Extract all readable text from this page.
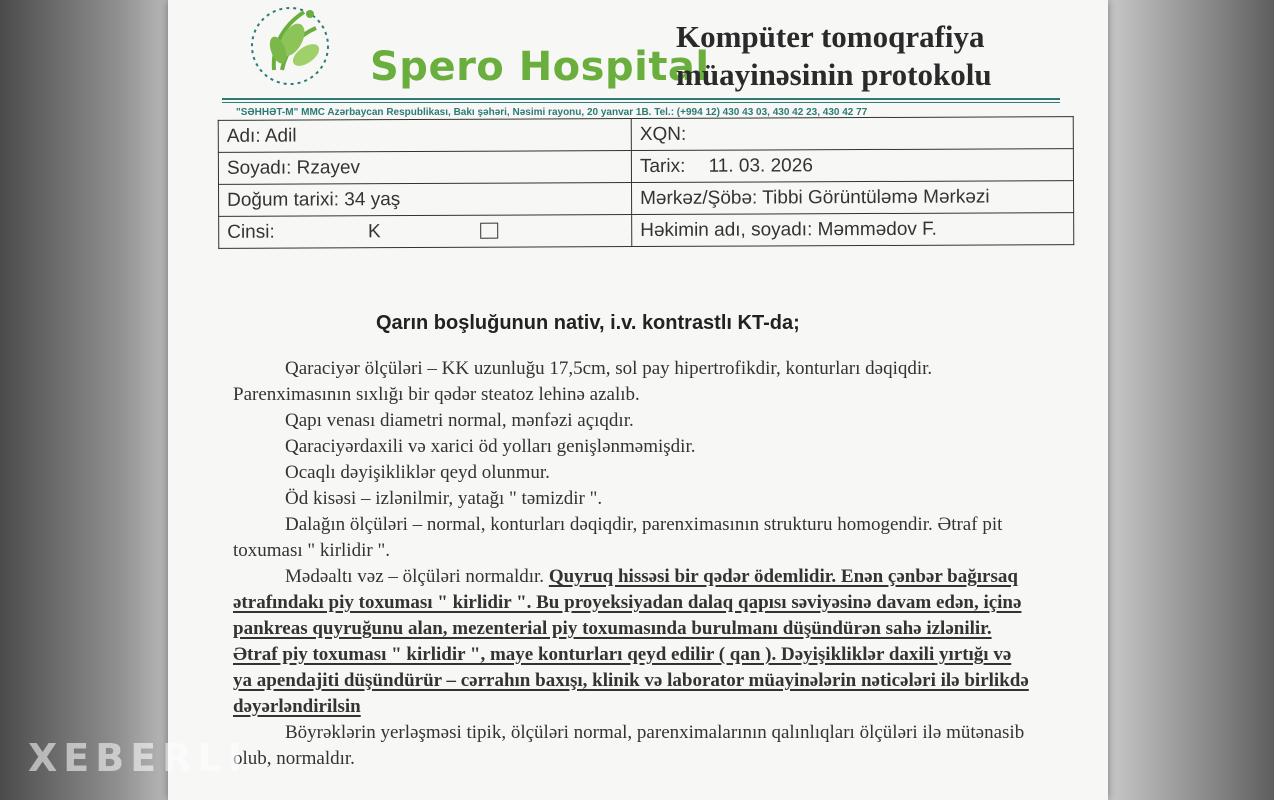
Spero Hospital
Kompüter tomoqrafiya
müayinəsinin protokolu
"SƏHHƏT-M" MMC Azərbaycan Respublikası, Bakı şəhəri, Nəsimi rayonu, 20 yanvar 1B. Tel.: (+994 12) 430 43 03, 430 42 23, 430 42 77
Adı: Adil	XQN:
Soyadı: Rzayev	Tarix: 11. 03. 2026
Doğum tarixi: 34 yaş	Mərkəz/Şöbə: Tibbi Görüntüləmə Mərkəzi
Cinsi: K	Həkimin adı, soyadı: Məmmədov F.
Qarın boşluğunun nativ, i.v. kontrastlı KT-da;

Qaraciyər ölçüləri – KK uzunluğu 17,5cm, sol pay hipertrofikdir, konturları dəqiqdir. Parenximasının sıxlığı bir qədər steatoz lehinə azalıb.

Qapı venası diametri normal, mənfəzi açıqdır.

Qaraciyərdaxili və xarici öd yolları genişlənməmişdir.

Ocaqlı dəyişikliklər qeyd olunmur.

Öd kisəsi – izlənilmir, yatağı " təmizdir ".

Dalağın ölçüləri – normal, konturları dəqiqdir, parenximasının strukturu homogendir. Ətraf pit toxuması " kirlidir ".

Mədəaltı vəz – ölçüləri normaldır. Quyruq hissəsi bir qədər ödemlidir. Enən çənbər bağırsaq ətrafındakı piy toxuması " kirlidir ". Bu proyeksiyadan dalaq qapısı səviyəsinə davam edən, içinə pankreas quyruğunu alan, mezenterial piy toxumasında burulmanı düşündürən sahə izlənilir. Ətraf piy toxuması " kirlidir ", maye konturları qeyd edilir ( qan ). Dəyişikliklər daxili yırtığı və ya apendajiti düşündürür – cərrahın baxışı, klinik və laborator müayinələrin nəticələri ilə birlikdə dəyərləndirilsin

Böyrəklərin yerləşməsi tipik, ölçüləri normal, parenximalarının qalınlıqları ölçüləri ilə mütənasib olub, normaldır.

XEBERLI
